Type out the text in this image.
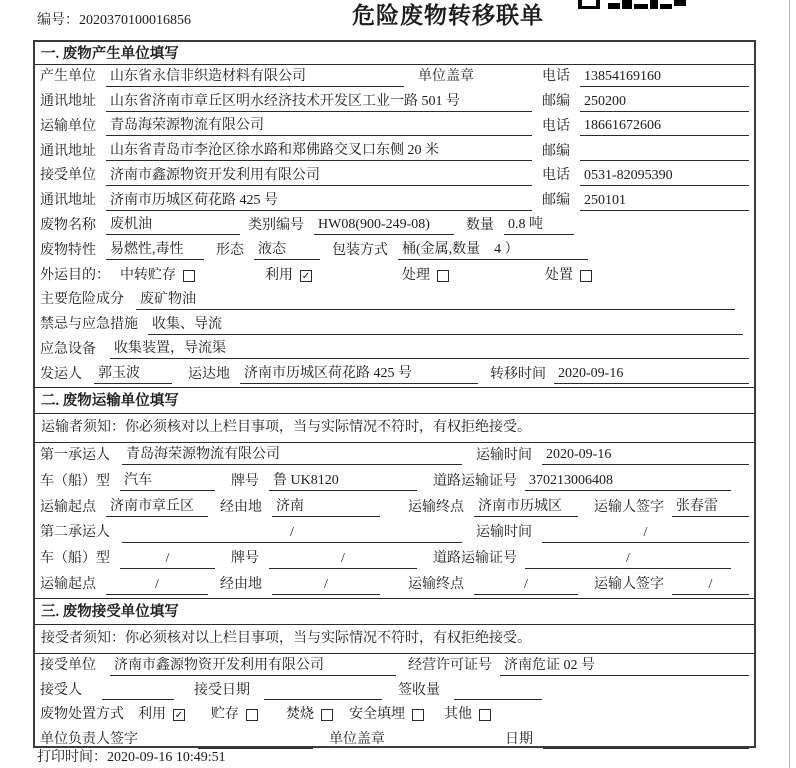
编号：2020370100016856	危险废物转移联单
一. 废物产生单位填写
产生单位 山东省永信非织造材料有限公司	单位盖章	电话 13854169160
通讯地址 山东省济南市章丘区明水经济技术开发区工业一路 501 号	邮编 250200
运输单位 青岛海荣源物流有限公司	电话 18661672606
通讯地址 山东省青岛市李沧区徐水路和郑佛路交叉口东侧 20 米	邮编
接受单位 济南市鑫源物资开发利用有限公司	电话 0531-82095390
通讯地址 济南市历城区荷花路 425 号	邮编 250101
废物名称 废机油	类别编号 HW08(900-249-08)	数量 0.8 吨
废物特性 易燃性,毒性	形态 液态	包装方式 桶(金属,数量　4 ）
外运目的： 中转贮存	利用 ✓	处理	处置
主要危险成分 废矿物油
禁忌与应急措施 收集、导流
应急设备 收集装置，导流渠
发运人 郭玉波	运达地 济南市历城区荷花路 425 号	转移时间 2020-09-16
二. 废物运输单位填写
运输者须知：你必须核对以上栏目事项，当与实际情况不符时，有权拒绝接受。
第一承运人 青岛海荣源物流有限公司	运输时间 2020-09-16
车（船）型 汽车	牌号 鲁 UK8120	道路运输证号 370213006408
运输起点 济南市章丘区	经由地 济南	运输终点 济南市历城区	运输人签字 张春雷
第二承运人	/	运输时间	/
车（船）型	/	牌号	/	道路运输证号	/
运输起点	/	经由地	/	运输终点	/	运输人签字	/
三. 废物接受单位填写
接受者须知：你必须核对以上栏目事项，当与实际情况不符时，有权拒绝接受。
接受单位 济南市鑫源物资开发利用有限公司	经营许可证号 济南危证 02 号
接受人	接受日期	签收量
废物处置方式 利用 ✓ 贮存	焚烧	安全填埋	其他
单位负责人签字	单位盖章	日期
打印时间：2020-09-16 10:49:51
